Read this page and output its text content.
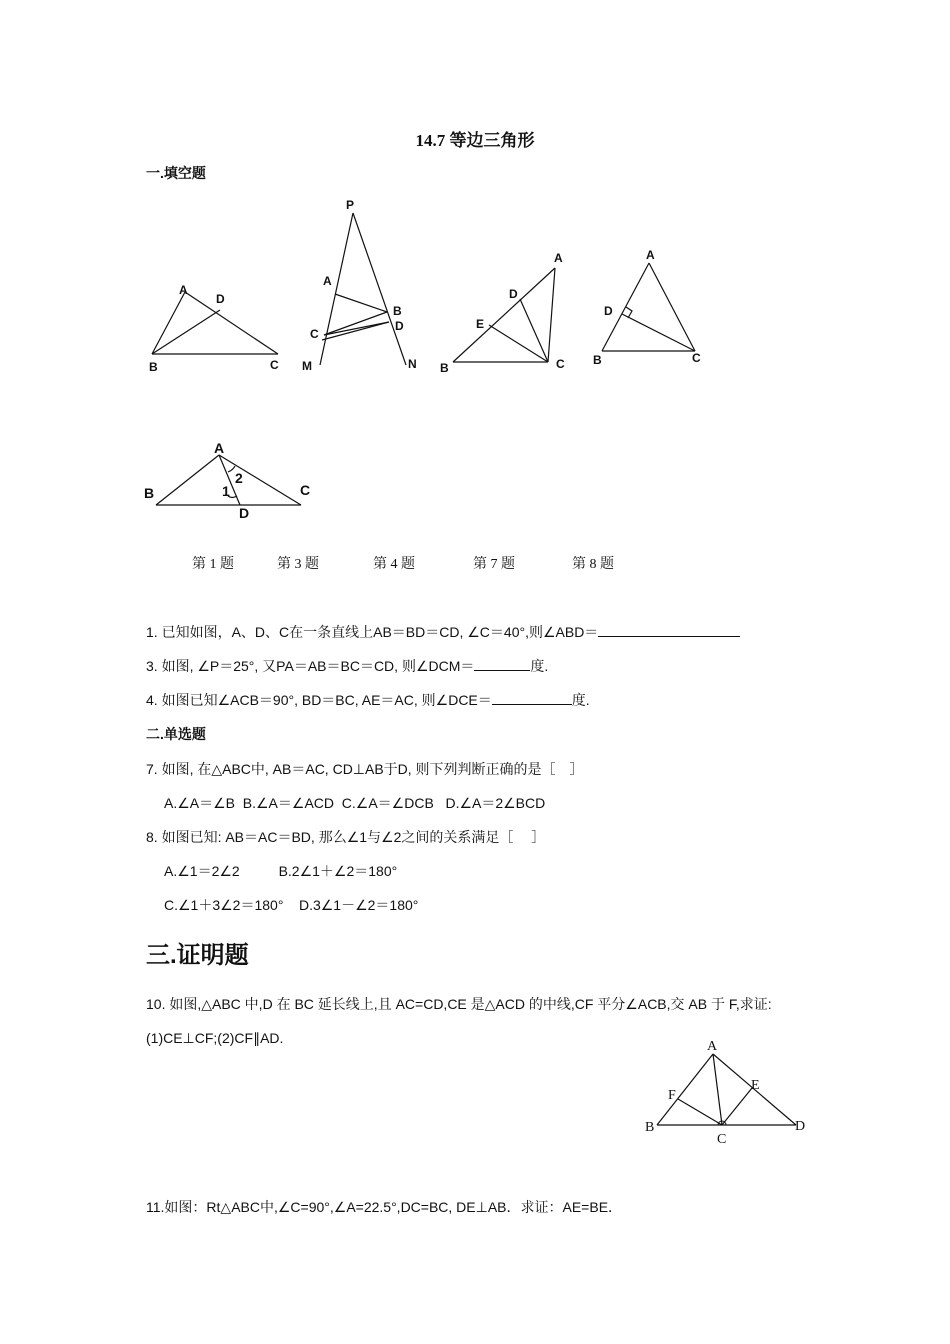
14.7 等边三角形
一.填空题
A
D
B	C
P
A
B
C
D
M	N
A
D
E
B	C
A
D
B	C
A
2
1
B	C
D
第 1 题	第 3 题	第 4 题	第 7 题	第 8 题
1. 已知如图，A、D、C在一条直线上AB＝BD＝CD, ∠C＝40°,则∠ABD＝
3. 如图, ∠P＝25°, 又PA＝AB＝BC＝CD, 则∠DCM＝	度.
4. 如图已知∠ACB＝90°, BD＝BC, AE＝AC, 则∠DCE＝	度.
二.单选题
7. 如图, 在△ABC中, AB＝AC, CD⊥AB于D, 则下列判断正确的是［　］
A.∠A＝∠B  B.∠A＝∠ACD  C.∠A＝∠DCB   D.∠A＝2∠BCD
8. 如图已知: AB＝AC＝BD, 那么∠1与∠2之间的关系满足［　 ］
A.∠1＝2∠2          B.2∠1＋∠2＝180°
C.∠1＋3∠2＝180°    D.3∠1－∠2＝180°
三.证明题
10. 如图,△ABC 中,D 在 BC 延长线上,且 AC=CD,CE 是△ACD 的中线,CF 平分∠ACB,交 AB 于 F,求证:
(1)CE⊥CF;(2)CF∥AD.
A
F
E
B
C
D
11.如图：Rt△ABC中,∠C=90°,∠A=22.5°,DC=BC, DE⊥AB．求证：AE=BE．
